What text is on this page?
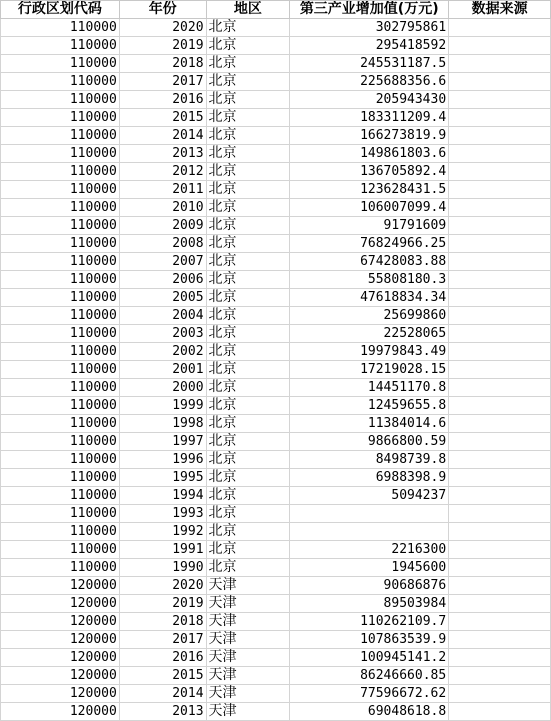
行政区划代码	年份	地区	第三产业增加值(万元)	数据来源
110000	2020	北京	302795861	
110000	2019	北京	295418592	
110000	2018	北京	245531187.5	
110000	2017	北京	225688356.6	
110000	2016	北京	205943430	
110000	2015	北京	183311209.4	
110000	2014	北京	166273819.9	
110000	2013	北京	149861803.6	
110000	2012	北京	136705892.4	
110000	2011	北京	123628431.5	
110000	2010	北京	106007099.4	
110000	2009	北京	91791609	
110000	2008	北京	76824966.25	
110000	2007	北京	67428083.88	
110000	2006	北京	55808180.3	
110000	2005	北京	47618834.34	
110000	2004	北京	25699860	
110000	2003	北京	22528065	
110000	2002	北京	19979843.49	
110000	2001	北京	17219028.15	
110000	2000	北京	14451170.8	
110000	1999	北京	12459655.8	
110000	1998	北京	11384014.6	
110000	1997	北京	9866800.59	
110000	1996	北京	8498739.8	
110000	1995	北京	6988398.9	
110000	1994	北京	5094237	
110000	1993	北京		
110000	1992	北京		
110000	1991	北京	2216300	
110000	1990	北京	1945600	
120000	2020	天津	90686876	
120000	2019	天津	89503984	
120000	2018	天津	110262109.7	
120000	2017	天津	107863539.9	
120000	2016	天津	100945141.2	
120000	2015	天津	86246660.85	
120000	2014	天津	77596672.62	
120000	2013	天津	69048618.8	
